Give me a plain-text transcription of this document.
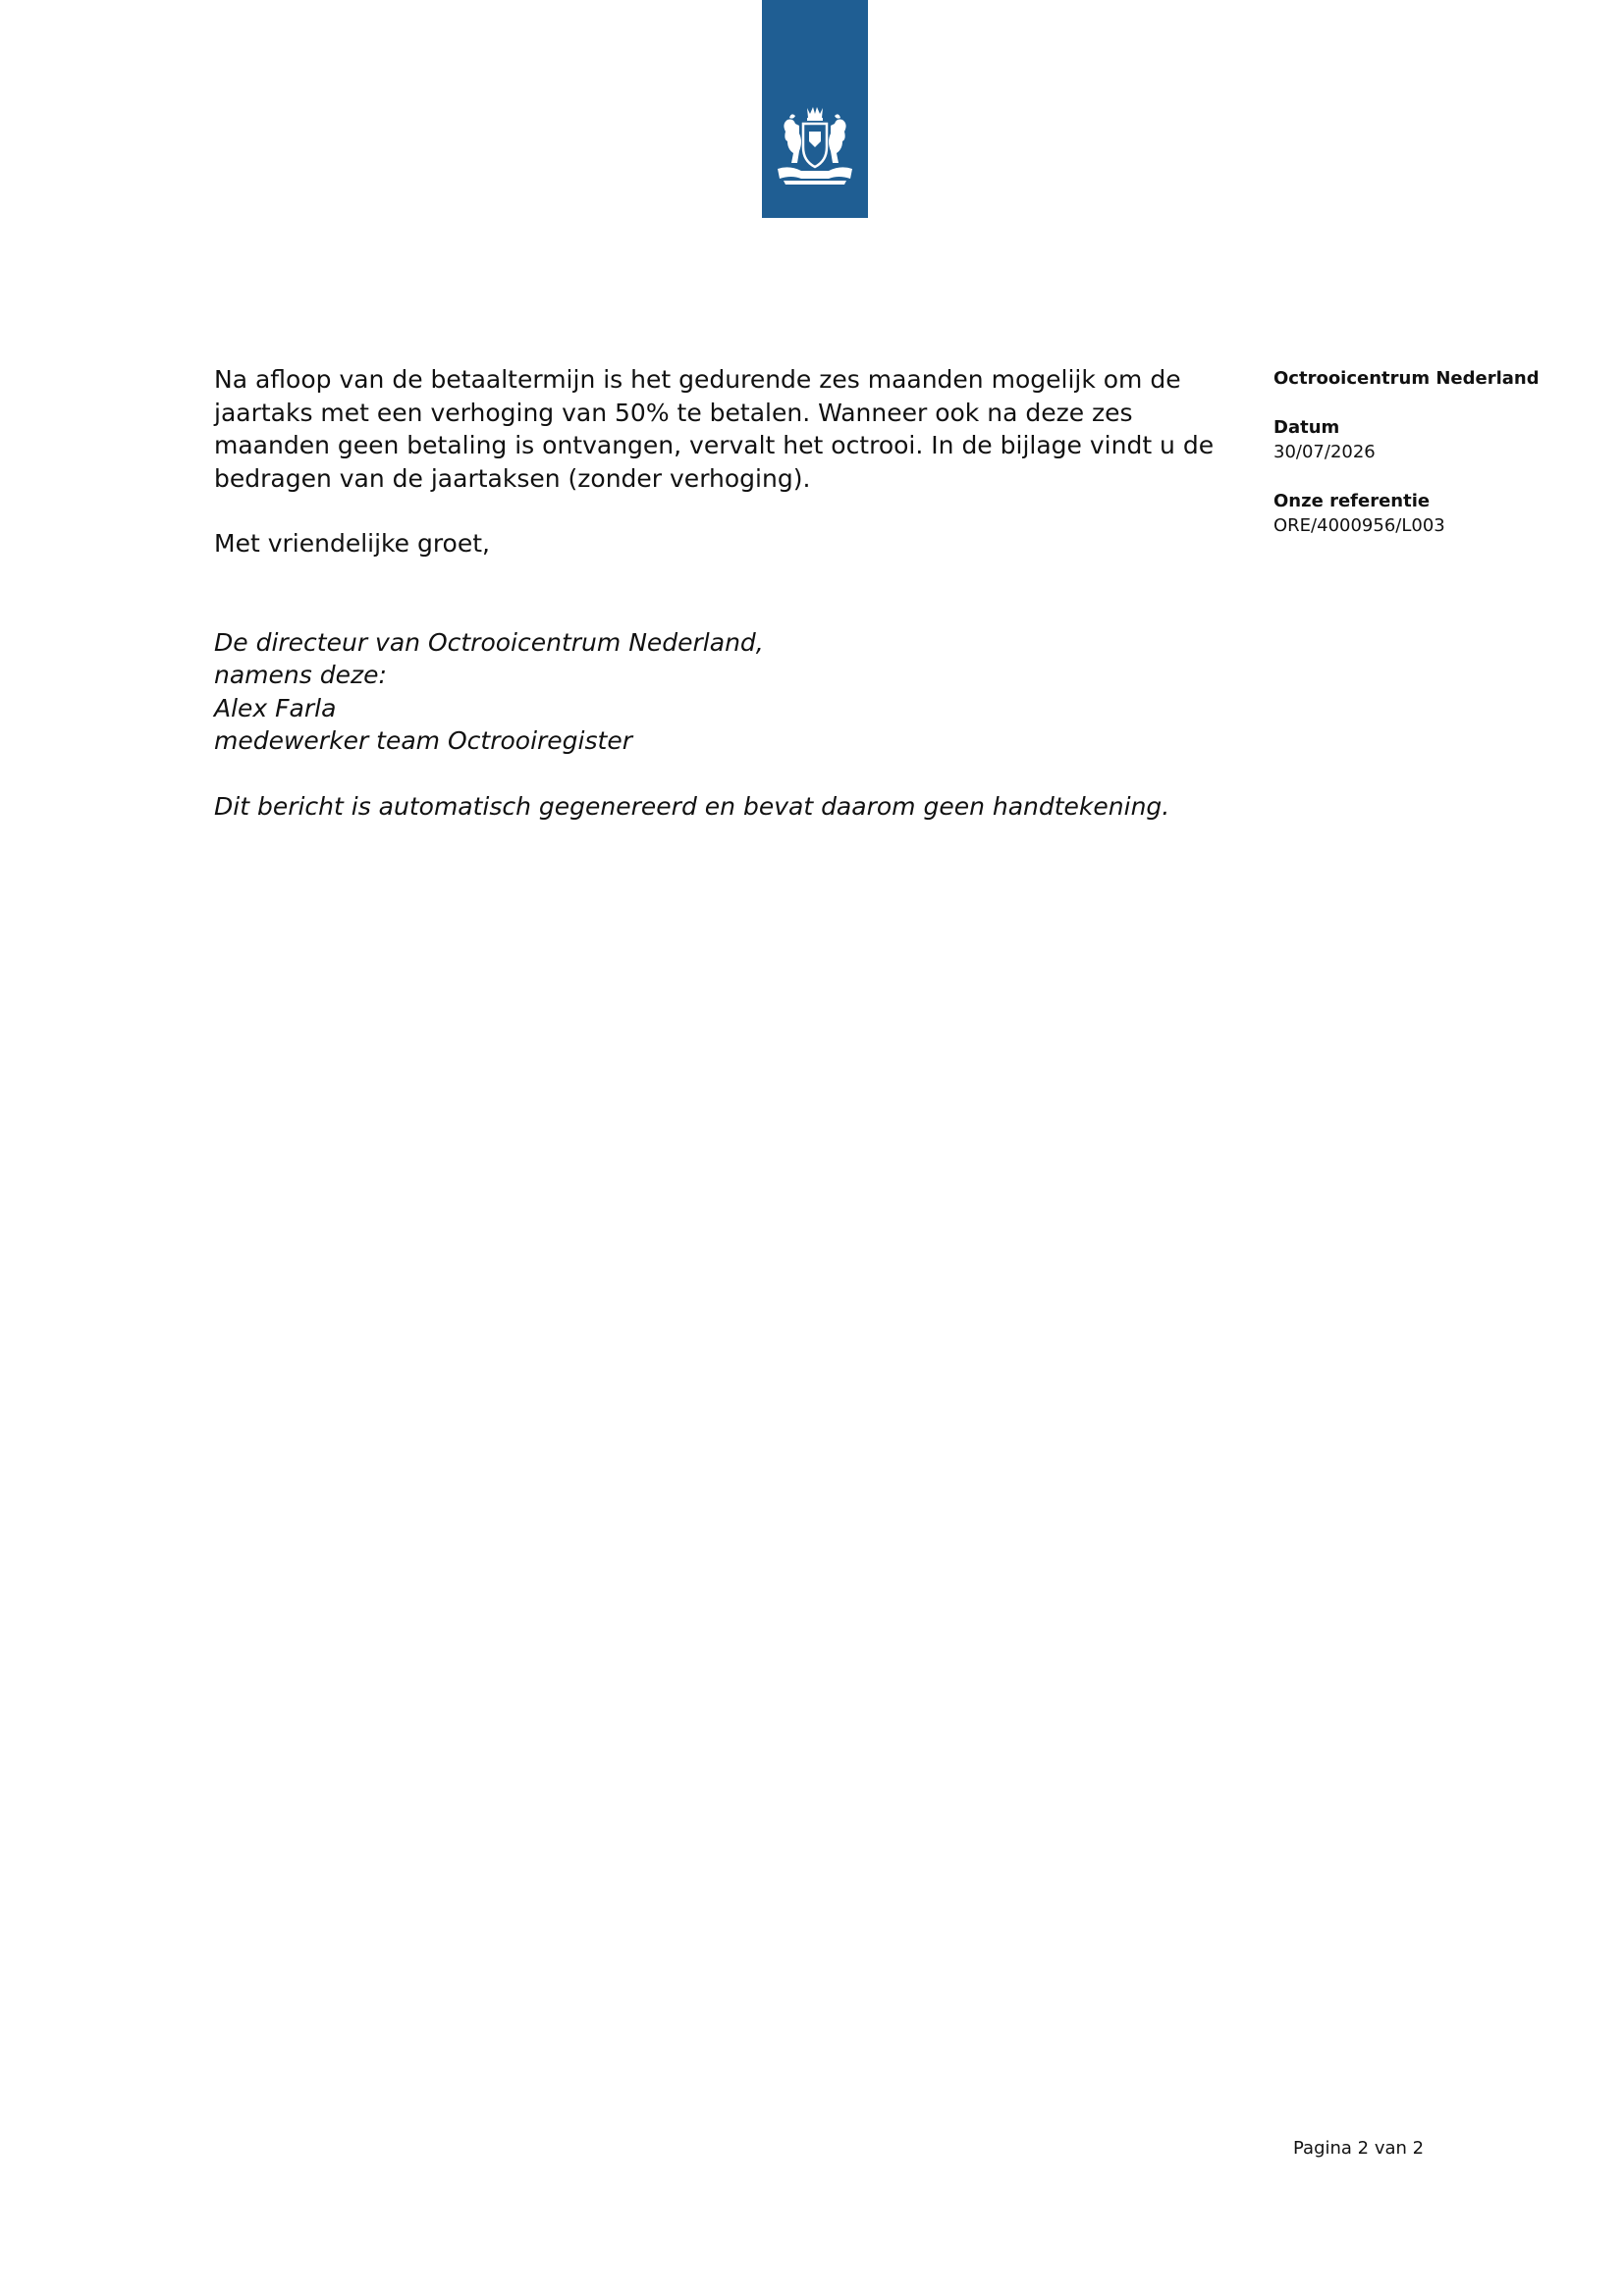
Na afloop van de betaaltermijn is het gedurende zes maanden mogelijk om de jaartaks met een verhoging van 50% te betalen. Wanneer ook na deze zes maanden geen betaling is ontvangen, vervalt het octrooi. In de bijlage vindt u de bedragen van de jaartaksen (zonder verhoging).

Met vriendelijke groet,

De directeur van Octrooicentrum Nederland,

namens deze:

Alex Farla

medewerker team Octrooiregister

Dit bericht is automatisch gegenereerd en bevat daarom geen handtekening.

Octrooicentrum Nederland
Datum
30/07/2026
Onze referentie
ORE/4000956/L003
Pagina 2 van 2
